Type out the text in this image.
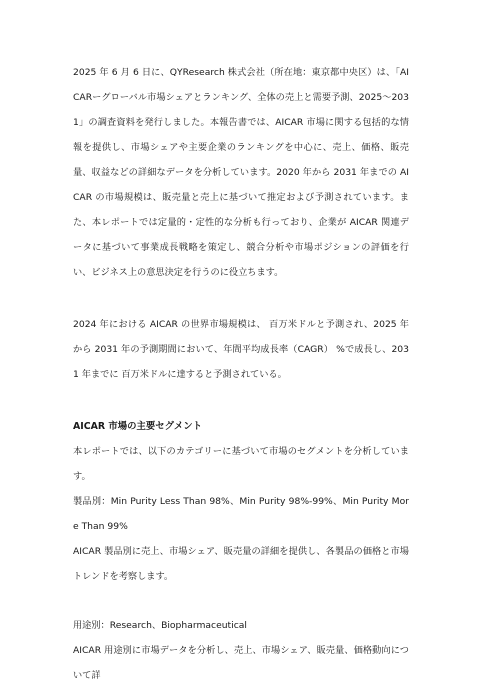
2025 年 6 月 6 日に、QYResearch 株式会社（所在地：東京都中央区）は、「AICARーグローバル市場シェアとランキング、全体の売上と需要予測、2025～2031」の調査資料を発行しました。本報告書では、AICAR 市場に関する包括的な情報を提供し、市場シェアや主要企業のランキングを中心に、売上、価格、販売量、収益などの詳細なデータを分析しています。2020 年から 2031 年までの AICAR の市場規模は、販売量と売上に基づいて推定および予測されています。また、本レポートでは定量的・定性的な分析も行っており、企業が AICAR 関連データに基づいて事業成長戦略を策定し、競合分析や市場ポジションの評価を行い、ビジネス上の意思決定を行うのに役立ちます。

2024 年における AICAR の世界市場規模は、 百万米ドルと予測され、2025 年から 2031 年の予測期間において、年間平均成長率（CAGR） %で成長し、2031 年までに 百万米ドルに達すると予測されている。

AICAR 市場の主要セグメント

本レポートでは、以下のカテゴリーに基づいて市場のセグメントを分析しています。

製品別：Min Purity Less Than 98%、Min Purity 98%-99%、Min Purity More Than 99%

AICAR 製品別に売上、市場シェア、販売量の詳細を提供し、各製品の価格と市場トレンドを考察します。

用途別：Research、Biopharmaceutical

AICAR 用途別に市場データを分析し、売上、市場シェア、販売量、価格動向について詳
